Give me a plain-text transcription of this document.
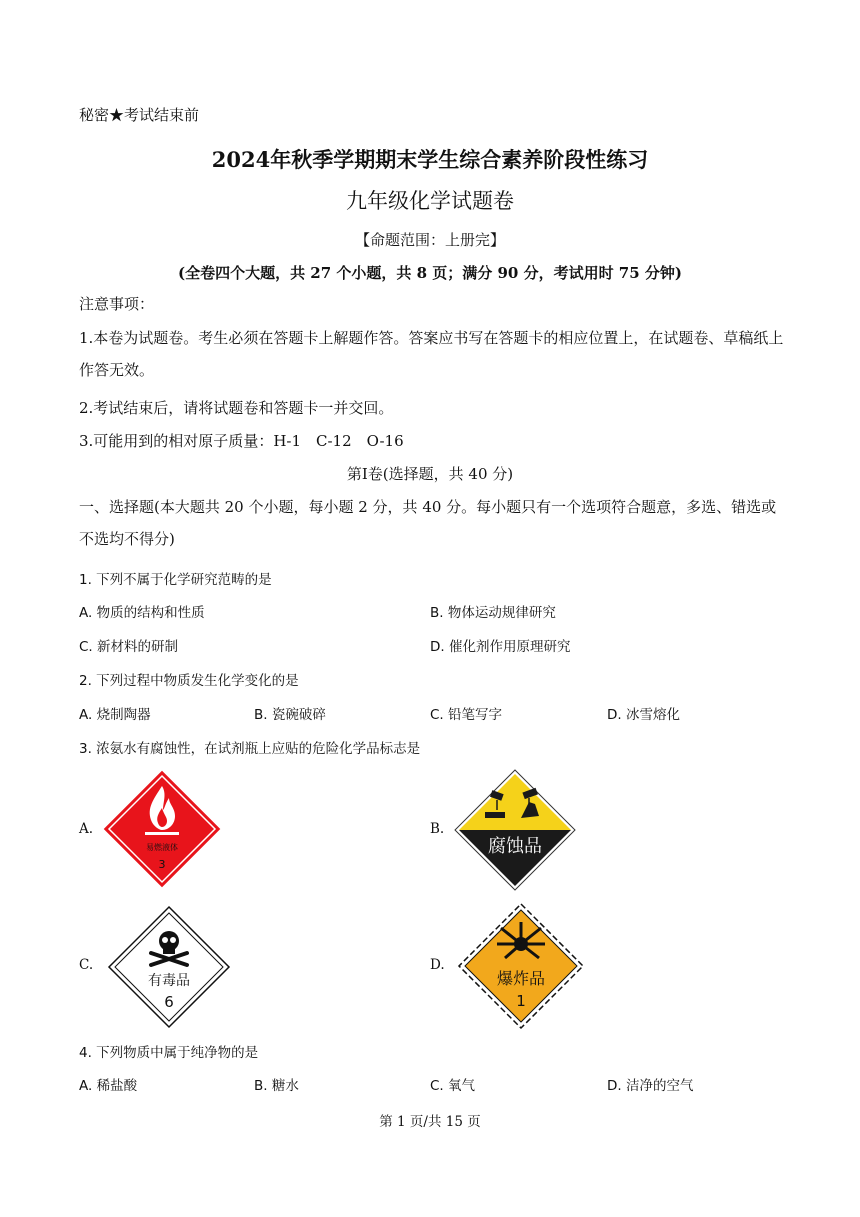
秘密★考试结束前
2024年秋季学期期末学生综合素养阶段性练习
九年级化学试题卷
【命题范围：上册完】
(全卷四个大题，共 27 个小题，共 8 页；满分 90 分，考试用时 75 分钟)
注意事项：
1.本卷为试题卷。考生必须在答题卡上解题作答。答案应书写在答题卡的相应位置上，在试题卷、草稿纸上作答无效。
2.考试结束后，请将试题卷和答题卡一并交回。
3.可能用到的相对原子质量：H-1　C-12　O-16
第Ⅰ卷(选择题，共 40 分)
一、选择题(本大题共 20 个小题，每小题 2 分，共 40 分。每小题只有一个选项符合题意，多选、错选或不选均不得分)
1. 下列不属于化学研究范畴的是
A. 物质的结构和性质	B. 物体运动规律研究
C. 新材料的研制	D. 催化剂作用原理研究
2. 下列过程中物质发生化学变化的是
A. 烧制陶器	B. 瓷碗破碎	C. 铅笔写字	D. 冰雪熔化
3. 浓氨水有腐蚀性，在试剂瓶上应贴的危险化学品标志是
A.	B.
C.	D.
易燃液体
3
腐蚀品
有毒品
6
爆炸品
1
4. 下列物质中属于纯净物的是
A. 稀盐酸	B. 糖水	C. 氧气	D. 洁净的空气
第 1 页/共 15 页
